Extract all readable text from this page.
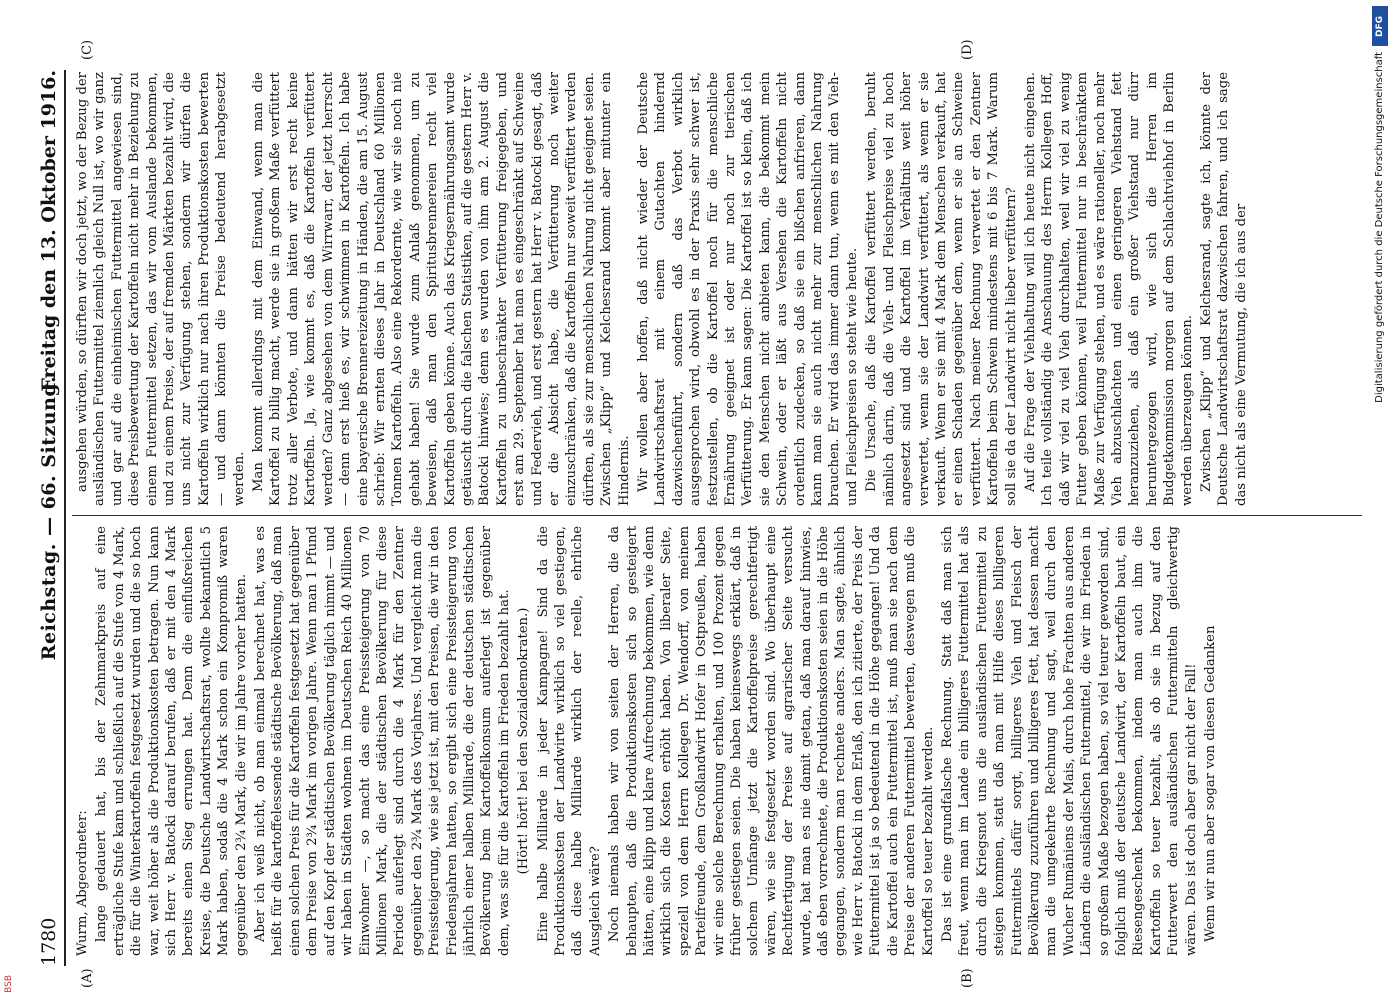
1780
Reichstag. — 66. Sitzung.
Freitag den 13. Oktober 1916.
(A)	(B)
(C)	(D)

Wurm, Abgeordneter: lange gedauert hat, bis der Zehnmarkpreis auf eine erträgliche Stufe kam und schließlich auf die Stufe von 4 Mark, die für die Winterkartoffeln festgesetzt wurden und die so hoch war, weit höher als die Produktionskosten betragen. Nun kann sich Herr v. Batocki darauf berufen, daß er mit den 4 Mark bereits einen Sieg errungen hat. Denn die einflußreichen Kreise, die Deutsche Landwirtschaftsrat, wollte bekanntlich 5 Mark haben, sodaß die 4 Mark schon ein Kompromiß waren gegenüber den 2¾ Mark, die wir im Jahre vorher hatten. Aber ich weiß nicht, ob man einmal berechnet hat, was es heißt für die kartoffelessende städtische Bevölkerung, daß man einen solchen Preis für die Kartoffeln festgesetzt hat gegenüber dem Preise von 2¾ Mark im vorigen Jahre. Wenn man 1 Pfund auf den Kopf der städtischen Bevölkerung täglich nimmt — und wir haben in Städten wohnen im Deutschen Reich 40 Millionen Einwohner —, so macht das eine Preissteigerung von 70 Millionen Mark, die der städtischen Bevölkerung für diese Periode auferlegt sind durch die 4 Mark für den Zentner gegenüber den 2¾ Mark des Vorjahres. Und vergleicht man die Preissteigerung, wie sie jetzt ist, mit den Preisen, die wir in den Friedensjahren hatten, so ergibt sich eine Preissteigerung von jährlich einer halben Milliarde, die der deutschen städtischen Bevölkerung beim Kartoffelkonsum auferlegt ist gegenüber dem, was sie für die Kartoffeln im Frieden bezahlt hat. (Hört! hört! bei den Sozialdemokraten.) Eine halbe Milliarde in jeder Kampagne! Sind da die Produktionskosten der Landwirte wirklich so viel gestiegen, daß diese halbe Milliarde wirklich der reelle, ehrliche Ausgleich wäre? Noch niemals haben wir von seiten der Herren, die da behaupten, daß die Produktionskosten sich so gesteigert hätten, eine klipp und klare Aufrechnung bekommen, wie denn wirklich sich die Kosten erhöht haben. Von liberaler Seite, speziell von dem Herrn Kollegen Dr. Wendorff, von meinem Parteifreunde, dem Großlandwirt Hofer in Ostpreußen, haben wir eine solche Berechnung erhalten, und 100 Prozent gegen früher gestiegen seien. Die haben keineswegs erklärt, daß in solchem Umfange jetzt die Kartoffelpreise gerechtfertigt wären, wie sie festgesetzt worden sind. Wo überhaupt eine Rechtfertigung der Preise auf agrarischer Seite versucht wurde, hat man es nie damit getan, daß man darauf hinwies, daß eben vorrechnete, die Produktionskosten seien in die Höhe gegangen, sondern man rechnete anders. Man sagte, ähnlich wie Herr v. Batocki in dem Erlaß, den ich zitierte, der Preis der Futtermittel ist ja so bedeutend in die Höhe gegangen! Und da die Kartoffel auch ein Futtermittel ist, muß man sie nach dem Preise der anderen Futtermittel bewerten, deswegen muß die Kartoffel so teuer bezahlt werden. Das ist eine grundfalsche Rechnung. Statt daß man sich freut, wenn man im Lande ein billigeres Futtermittel hat als durch die Kriegsnot uns die ausländischen Futtermittel zu steigen kommen, statt daß man mit Hilfe dieses billigeren Futtermittels dafür sorgt, billigeres Vieh und Fleisch der Bevölkerung zuzuführen und billigeres Fett, hat dessen macht man die umgekehrte Rechnung und sagt, weil durch den Wucher Rumäniens der Mais, durch hohe Frachten aus anderen Ländern die ausländischen Futtermittel, die wir im Frieden in so großem Maße bezogen haben, so viel teurer geworden sind, folglich muß der deutsche Landwirt, der Kartoffeln baut, ein Riesengeschenk bekommen, indem man auch ihm die Kartoffeln so teuer bezahlt, als ob sie in bezug auf den Futterwert den ausländischen Futtermitteln gleichwertig wären. Das ist doch aber gar nicht der Fall! Wenn wir nun aber sogar von diesen Gedanken

ausgehen würden, so dürften wir doch jetzt, wo der Bezug der ausländischen Futtermittel ziemlich gleich Null ist, wo wir ganz und gar auf die einheimischen Futtermittel angewiesen sind, diese Preisbewertung der Kartoffeln nicht mehr in Beziehung zu einem Futtermittel setzen, das wir vom Auslande bekommen, und zu einem Preise, der auf fremden Märkten bezahlt wird, die uns nicht zur Verfügung stehen, sondern wir dürfen die Kartoffeln wirklich nur nach ihren Produktionskosten bewerten — und dann könnten die Preise bedeutend herabgesetzt werden. Man kommt allerdings mit dem Einwand, wenn man die Kartoffel zu billig macht, werde sie in großem Maße verfüttert trotz aller Verbote, und dann hätten wir erst recht keine Kartoffeln. Ja, wie kommt es, daß die Kartoffeln verfüttert werden? Ganz abgesehen von dem Wirrwarr, der jetzt herrscht — denn erst hieß es, wir schwimmen in Kartoffeln. Ich habe eine bayerische Brennereizeitung in Händen, die am 15. August schrieb: Wir ernten dieses Jahr in Deutschland 60 Millionen Tonnen Kartoffeln. Also eine Rekordernte, wie wir sie noch nie gehabt haben! Sie wurde zum Anlaß genommen, um zu beweisen, daß man den Spiritusbrennereien recht viel Kartoffeln geben könne. Auch das Kriegsernährungsamt wurde getäuscht durch die falschen Statistiken, auf die gestern Herr v. Batocki hinwies; denn es wurden von ihm am 2. August die Kartoffeln zu unbeschränkter Verfütterung freigegeben, und erst am 29. September hat man es eingeschränkt auf Schweine und Federvieh, und erst gestern hat Herr v. Batocki gesagt, daß er die Absicht habe, die Verfütterung noch weiter einzuschränken, daß die Kartoffeln nur soweit verfüttert werden dürften, als sie zur menschlichen Nahrung nicht geeignet seien. Zwischen „Klipp“ und Kelchesrand kommt aber mitunter ein Hindernis. Wir wollen aber hoffen, daß nicht wieder der Deutsche Landwirtschaftsrat mit einem Gutachten hindernd dazwischenführt, sondern daß das Verbot wirklich ausgesprochen wird, obwohl es in der Praxis sehr schwer ist, festzustellen, ob die Kartoffel noch für die menschliche Ernährung geeignet ist oder nur noch zur tierischen Verfütterung. Er kann sagen: Die Kartoffel ist so klein, daß ich sie den Menschen nicht anbieten kann, die bekommt mein Schwein, oder er läßt aus Versehen die Kartoffeln nicht ordentlich zudecken, so daß sie ein bißchen anfrieren, dann kann man sie auch nicht mehr zur menschlichen Nahrung brauchen. Er wird das immer dann tun, wenn es mit den Vieh- und Fleischpreisen so steht wie heute. Die Ursache, daß die Kartoffel verfüttert werden, beruht nämlich darin, daß die Vieh- und Fleischpreise viel zu hoch angesetzt sind und die Kartoffel im Verhältnis weit höher verwertet, wenn sie der Landwirt verfüttert, als wenn er sie verkauft. Wenn er sie mit 4 Mark dem Menschen verkauft, hat er einen Schaden gegenüber dem, wenn er sie an Schweine verfüttert. Nach meiner Rechnung verwertet er den Zentner Kartoffeln beim Schwein mindestens mit 6 bis 7 Mark. Warum soll sie da der Landwirt nicht lieber verfüttern? Auf die Frage der Viehhaltung will ich heute nicht eingehen. Ich teile vollständig die Anschauung des Herrn Kollegen Hoff, daß wir viel zu viel Vieh durchhalten, weil wir viel zu wenig Futter geben können, weil Futtermittel nur in beschränktem Maße zur Verfügung stehen, und es wäre rationeller, noch mehr Vieh abzuschlachten und einen geringeren Viehstand fett heranzuziehen, als daß ein großer Viehstand nur dürr heruntergezogen wird, wie sich die Herren im Budgetkommission morgen auf dem Schlachtviehhof in Berlin werden überzeugen können. Zwischen „Klipp“ und Kelchesrand, sagte ich, könnte der Deutsche Landwirtschaftsrat dazwischen fahren, und ich sage das nicht als eine Vermutung, die ich aus der

DFG
Digitalisierung gefördert durch die Deutsche Forschungsgemeinschaft
BSB
